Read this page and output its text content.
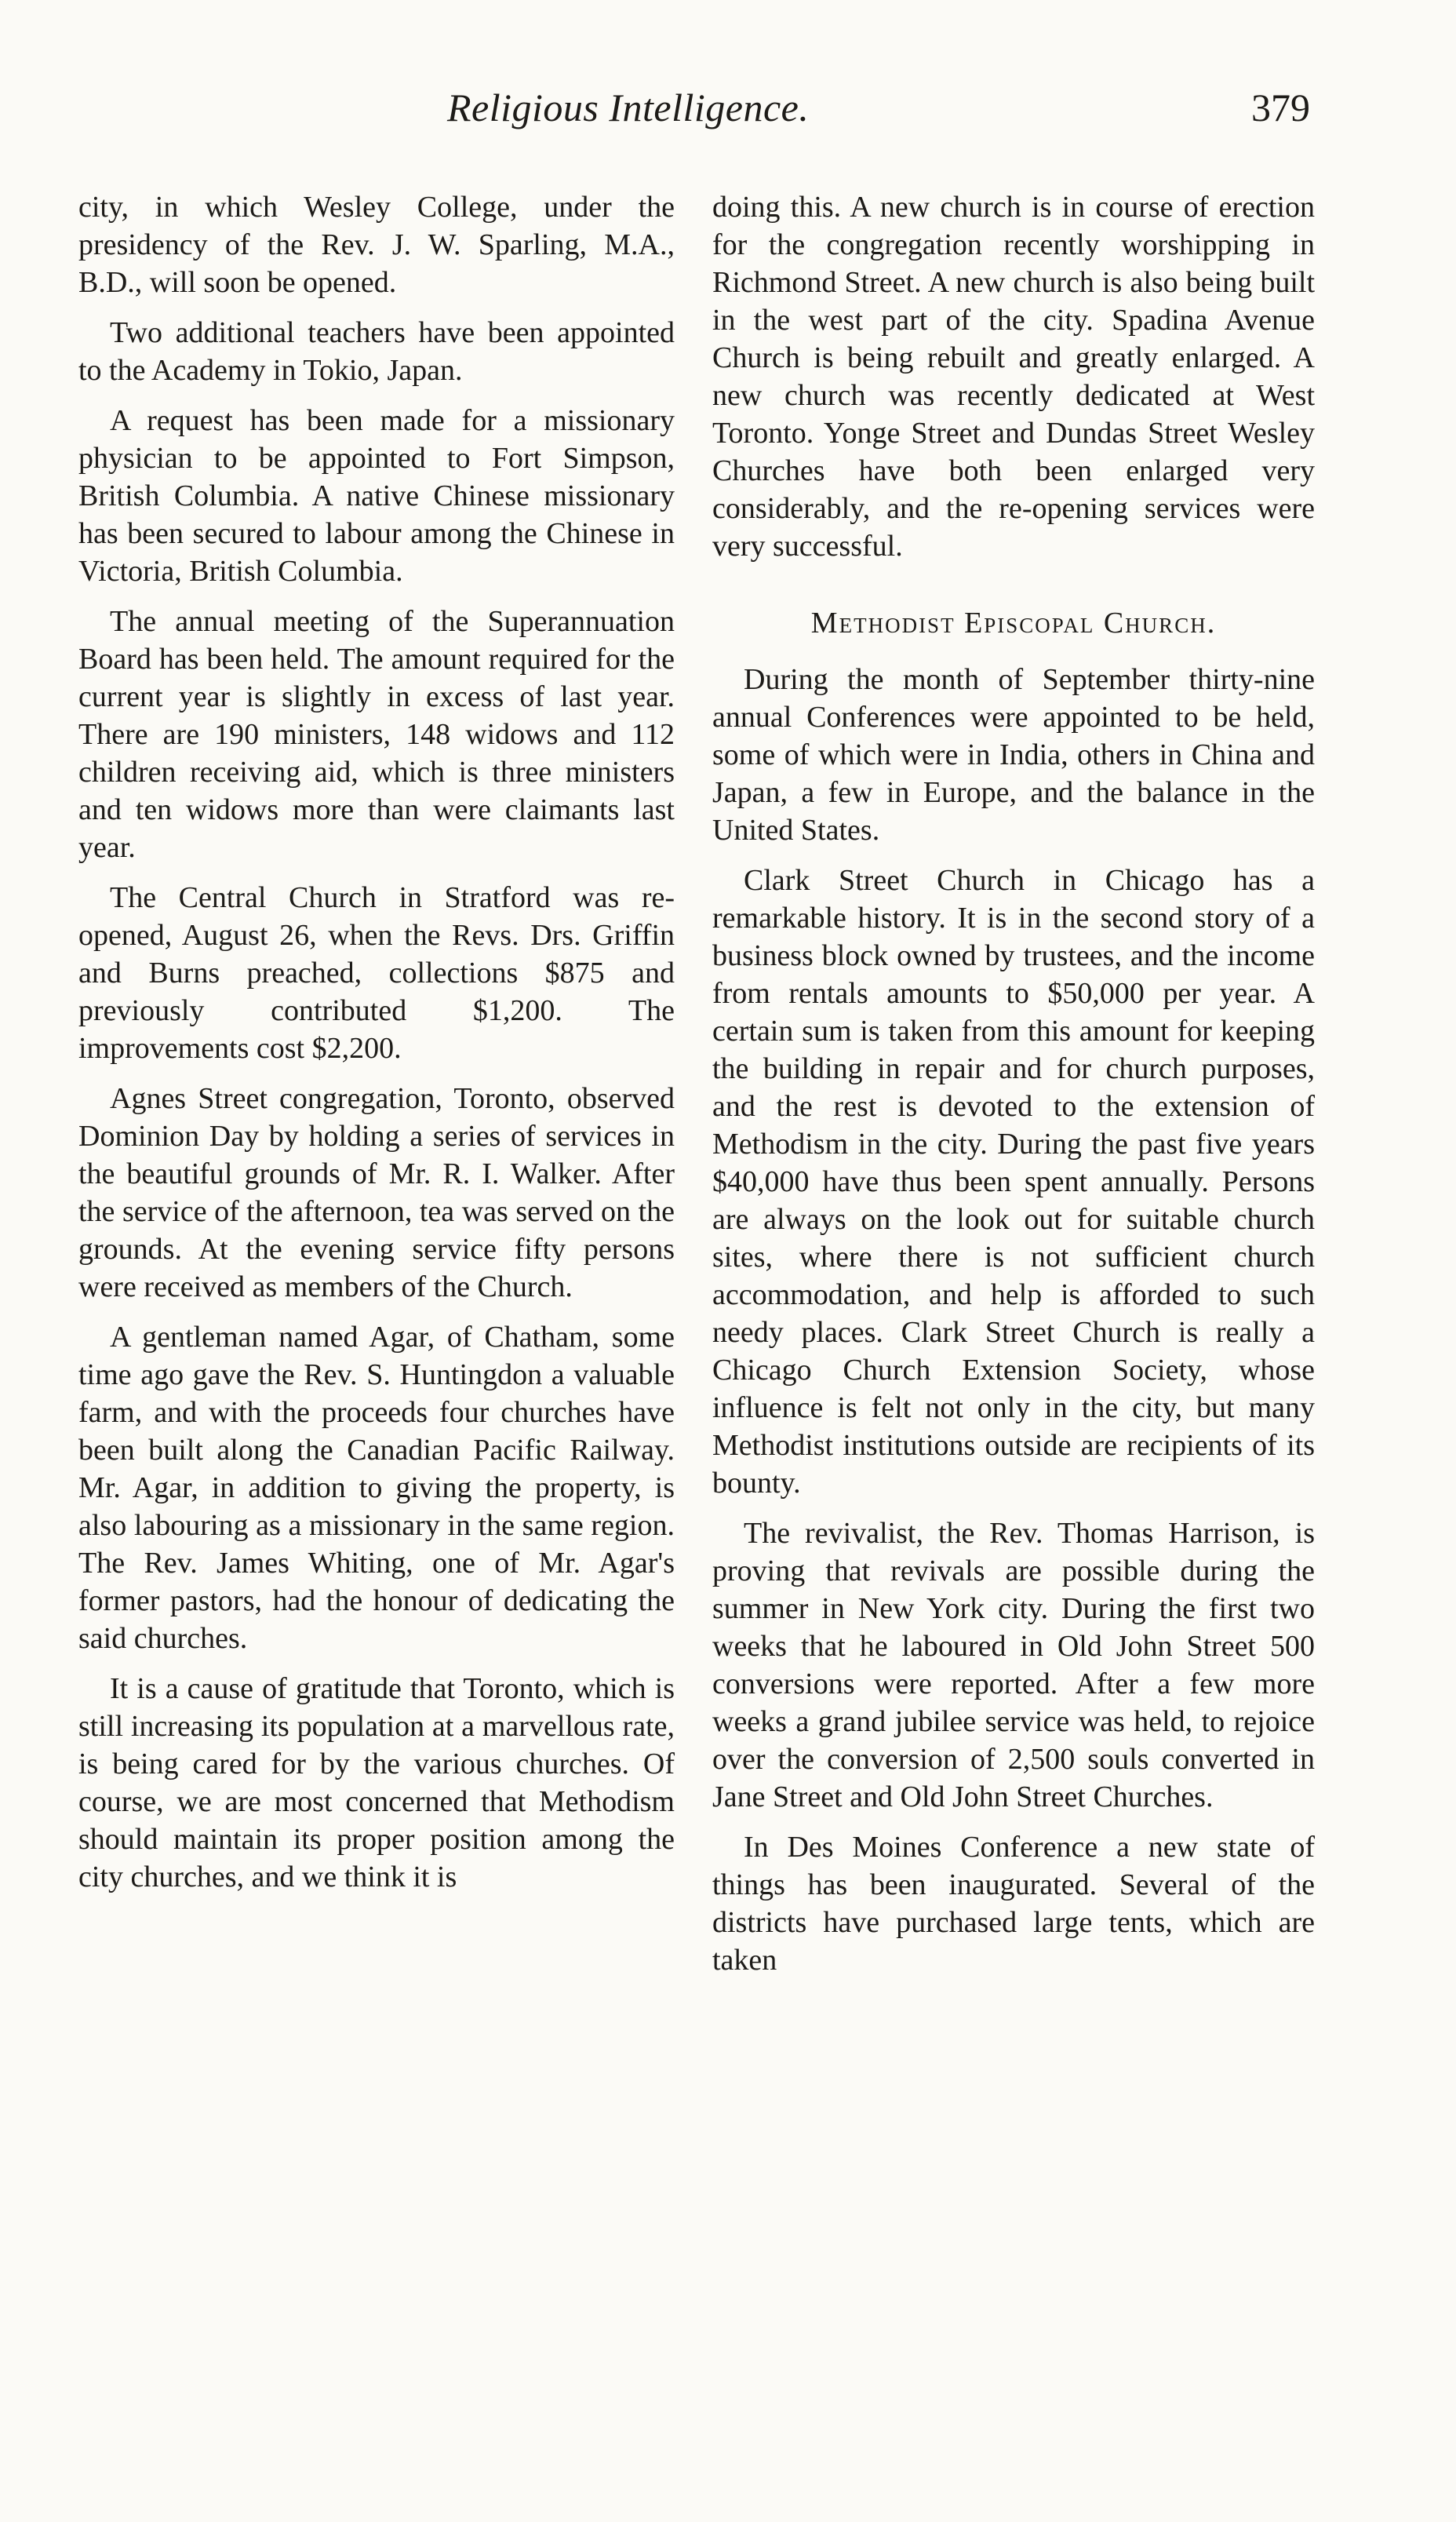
Religious Intelligence.	379

city, in which Wesley College, under the presidency of the Rev. J. W. Sparling, M.A., B.D., will soon be opened.

Two additional teachers have been appointed to the Academy in Tokio, Japan.

A request has been made for a missionary physician to be appointed to Fort Simpson, British Columbia. A native Chinese missionary has been secured to labour among the Chinese in Victoria, British Columbia.

The annual meeting of the Superannuation Board has been held. The amount required for the current year is slightly in excess of last year. There are 190 ministers, 148 widows and 112 children receiving aid, which is three ministers and ten widows more than were claimants last year.

The Central Church in Stratford was re-opened, August 26, when the Revs. Drs. Griffin and Burns preached, collections $875 and previously contributed $1,200. The improvements cost $2,200.

Agnes Street congregation, Toronto, observed Dominion Day by holding a series of services in the beautiful grounds of Mr. R. I. Walker. After the service of the afternoon, tea was served on the grounds. At the evening service fifty persons were received as members of the Church.

A gentleman named Agar, of Chatham, some time ago gave the Rev. S. Huntingdon a valuable farm, and with the proceeds four churches have been built along the Canadian Pacific Railway. Mr. Agar, in addition to giving the property, is also labouring as a missionary in the same region. The Rev. James Whiting, one of Mr. Agar's former pastors, had the honour of dedicating the said churches.

It is a cause of gratitude that Toronto, which is still increasing its population at a marvellous rate, is being cared for by the various churches. Of course, we are most concerned that Methodism should maintain its proper position among the city churches, and we think it is

doing this. A new church is in course of erection for the congregation recently worshipping in Richmond Street. A new church is also being built in the west part of the city. Spadina Avenue Church is being rebuilt and greatly enlarged. A new church was recently dedicated at West Toronto. Yonge Street and Dundas Street Wesley Churches have both been enlarged very considerably, and the re-opening services were very successful.

Methodist Episcopal Church.

During the month of September thirty-nine annual Conferences were appointed to be held, some of which were in India, others in China and Japan, a few in Europe, and the balance in the United States.

Clark Street Church in Chicago has a remarkable history. It is in the second story of a business block owned by trustees, and the income from rentals amounts to $50,000 per year. A certain sum is taken from this amount for keeping the building in repair and for church purposes, and the rest is devoted to the extension of Methodism in the city. During the past five years $40,000 have thus been spent annually. Persons are always on the look out for suitable church sites, where there is not sufficient church accommodation, and help is afforded to such needy places. Clark Street Church is really a Chicago Church Extension Society, whose influence is felt not only in the city, but many Methodist institutions outside are recipients of its bounty.

The revivalist, the Rev. Thomas Harrison, is proving that revivals are possible during the summer in New York city. During the first two weeks that he laboured in Old John Street 500 conversions were reported. After a few more weeks a grand jubilee service was held, to rejoice over the conversion of 2,500 souls converted in Jane Street and Old John Street Churches.

In Des Moines Conference a new state of things has been inaugurated. Several of the districts have purchased large tents, which are taken
